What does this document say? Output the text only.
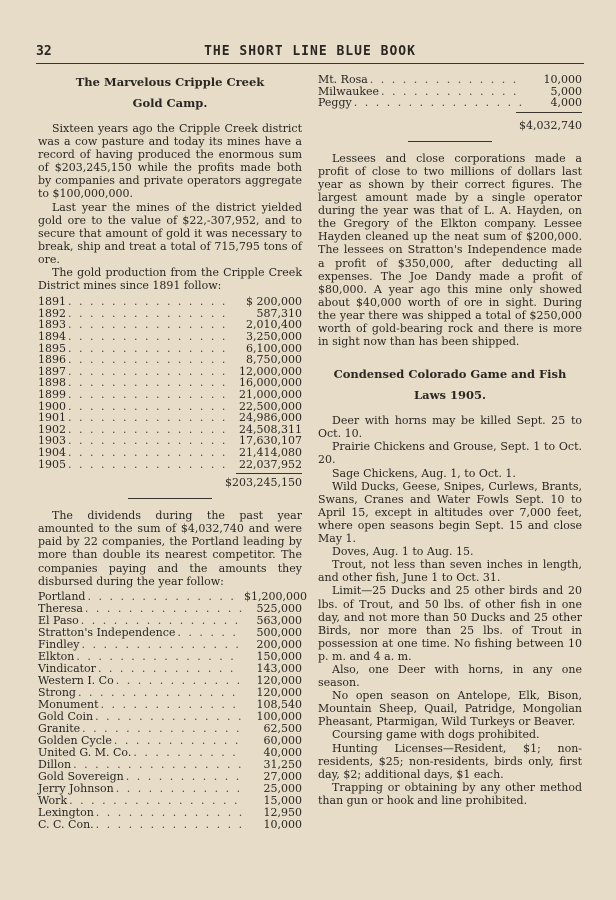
32	THE SHORT LINE BLUE BOOK
The Marvelous Cripple Creek
Gold Camp.

Sixteen years ago the Cripple Creek district was a cow pasture and today its mines have a record of having produced the enormous sum of $203,245,150 while the profits made both by companies and private operators aggregate to $100,000,000.

Last year the mines of the district yielded gold ore to the value of $22,-307,952, and to secure that amount of gold it was necessary to break, ship and treat a total of 715,795 tons of ore.

The gold production from the Cripple Creek District mines since 1891 follow:

1891 . . .	$ 200,000
1892 . . .	587,310
1893 . . .	2,010,400
1894 . . .	3,250,000
1895 . . .	6,100,000
1896 . . .	8,750,000
1897 . . .	12,000,000
1898 . . .	16,000,000
1899 . . .	21,000,000
1900 . . .	22,500,000
1901 . . .	24,986,000
1902 . . .	24,508,311
1903 . . .	17,630,107
1904 . . .	21,414,080
1905 . . .	22,037,952
$203,245,150

The dividends during the past year amounted to the sum of $4,032,740 and were paid by 22 companies, the Portland leading by more than double its nearest competitor. The companies paying and the amounts they disbursed during the year follow:

Portland . . .	$1,200,000
Theresa . . .	525,000
El Paso . . .	563,000
Stratton's Independence . . .	500,000
Findley . . .	200,000
Elkton . . .	150,000
Vindicator . . .	143,000
Western I. Co . . .	120,000
Strong . . .	120,000
Monument . . .	108,540
Gold Coin . . .	100,000
Granite . . .	62,500
Golden Cycle . . .	60,000
United G. M. Co. . . .	40,000
Dillon . . .	31,250
Gold Sovereign . . .	27,000
Jerry Johnson . . .	25,000
Work . . .	15,000
Lexington . . .	12,950
C. C. Con. . . .	10,000
Mt. Rosa . . .	10,000
Milwaukee . . .	5,000
Peggy . . .	4,000
$4,032,740

Lessees and close corporations made a profit of close to two millions of dollars last year as shown by their correct figures. The largest amount made by a single operator during the year was that of L. A. Hayden, on the Gregory of the Elkton company. Lessee Hayden cleaned up the neat sum of $200,000. The lessees on Stratton's Independence made a profit of $350,000, after deducting all expenses. The Joe Dandy made a profit of $80,000. A year ago this mine only showed about $40,000 worth of ore in sight. During the year there was shipped a total of $250,000 worth of gold-bearing rock and there is more in sight now than has been shipped.

Condensed Colorado Game and Fish
Laws 1905.

Deer with horns may be killed Sept. 25 to Oct. 10.

Prairie Chickens and Grouse, Sept. 1 to Oct. 20.

Sage Chickens, Aug. 1, to Oct. 1.

Wild Ducks, Geese, Snipes, Curlews, Brants, Swans, Cranes and Water Fowls Sept. 10 to April 15, except in altitudes over 7,000 feet, where open seasons begin Sept. 15 and close May 1.

Doves, Aug. 1 to Aug. 15.

Trout, not less than seven inches in length, and other fish, June 1 to Oct. 31.

Limit—25 Ducks and 25 other birds and 20 lbs. of Trout, and 50 lbs. of other fish in one day, and not more than 50 Ducks and 25 other Birds, nor more than 25 lbs. of Trout in possession at one time. No fishing between 10 p. m. and 4 a. m.

Also, one Deer with horns, in any one season.

No open season on Antelope, Elk, Bison, Mountain Sheep, Quail, Patridge, Mongolian Pheasant, Ptarmigan, Wild Turkeys or Beaver.

Coursing game with dogs prohibited.

Hunting Licenses—Resident, $1; non-residents, $25; non-residents, birds only, first day, $2; additional days, $1 each.

Trapping or obtaining by any other method than gun or hook and line prohibited.
